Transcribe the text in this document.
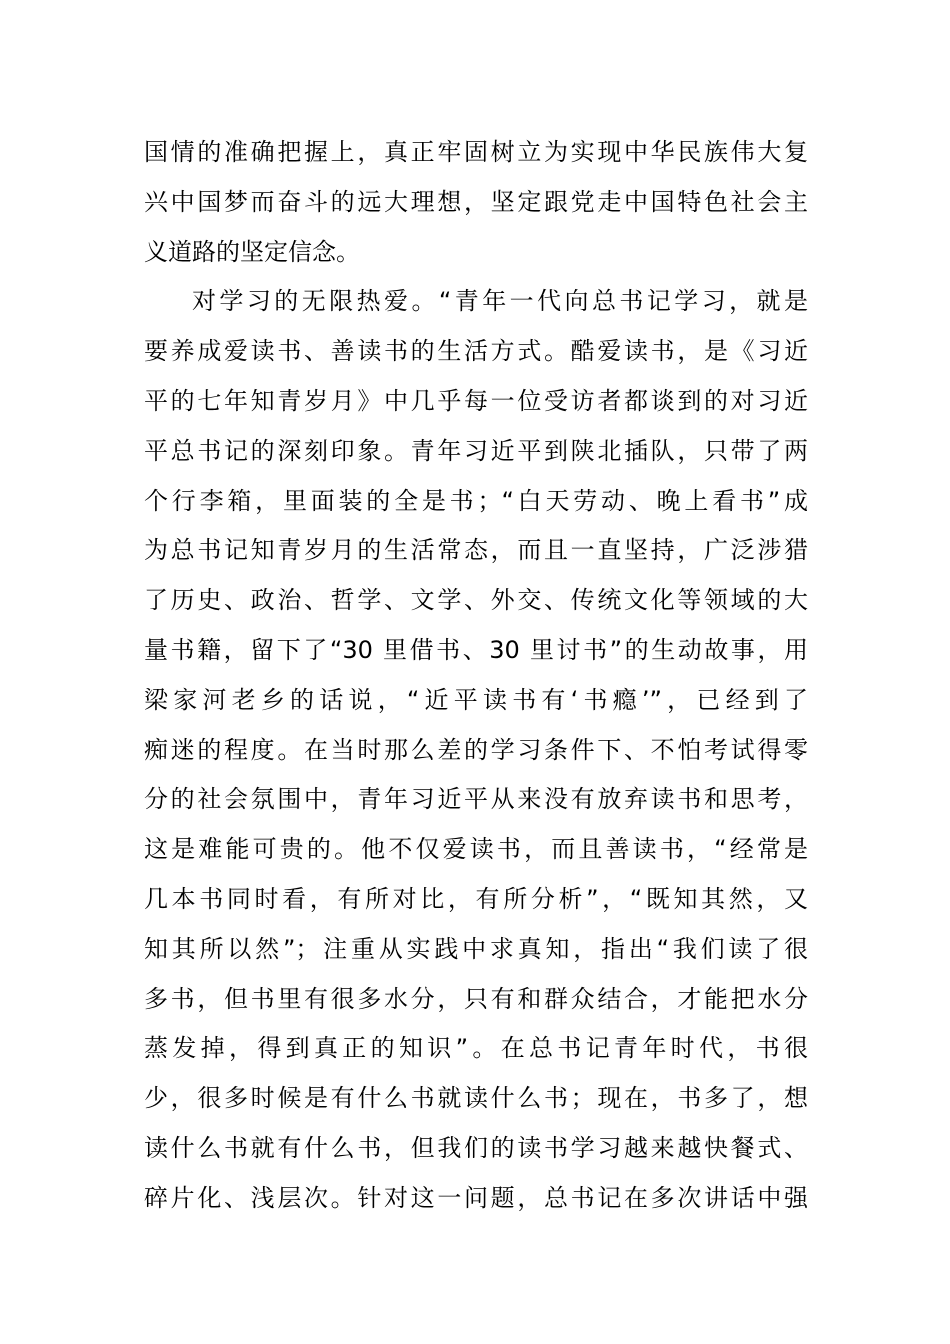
国情的准确把握上，真正牢固树立为实现中华民族伟大复
兴中国梦而奋斗的远大理想，坚定跟党走中国特色社会主
义道路的坚定信念。
对学习的无限热爱。“青年一代向总书记学习，就是
要养成爱读书、善读书的生活方式。酷爱读书，是《习近
平的七年知青岁月》中几乎每一位受访者都谈到的对习近
平总书记的深刻印象。青年习近平到陕北插队，只带了两
个行李箱，里面装的全是书；“白天劳动、晚上看书”成
为总书记知青岁月的生活常态，而且一直坚持，广泛涉猎
了历史、政治、哲学、文学、外交、传统文化等领域的大
量书籍，留下了“30 里借书、30 里讨书”的生动故事，用
梁家河老乡的话说，“近平读书有‘书瘾’”，已经到了
痴迷的程度。在当时那么差的学习条件下、不怕考试得零
分的社会氛围中，青年习近平从来没有放弃读书和思考，
这是难能可贵的。他不仅爱读书，而且善读书，“经常是
几本书同时看，有所对比，有所分析”，“既知其然，又
知其所以然”；注重从实践中求真知，指出“我们读了很
多书，但书里有很多水分，只有和群众结合，才能把水分
蒸发掉，得到真正的知识”。在总书记青年时代，书很
少，很多时候是有什么书就读什么书；现在，书多了，想
读什么书就有什么书，但我们的读书学习越来越快餐式、
碎片化、浅层次。针对这一问题，总书记在多次讲话中强
